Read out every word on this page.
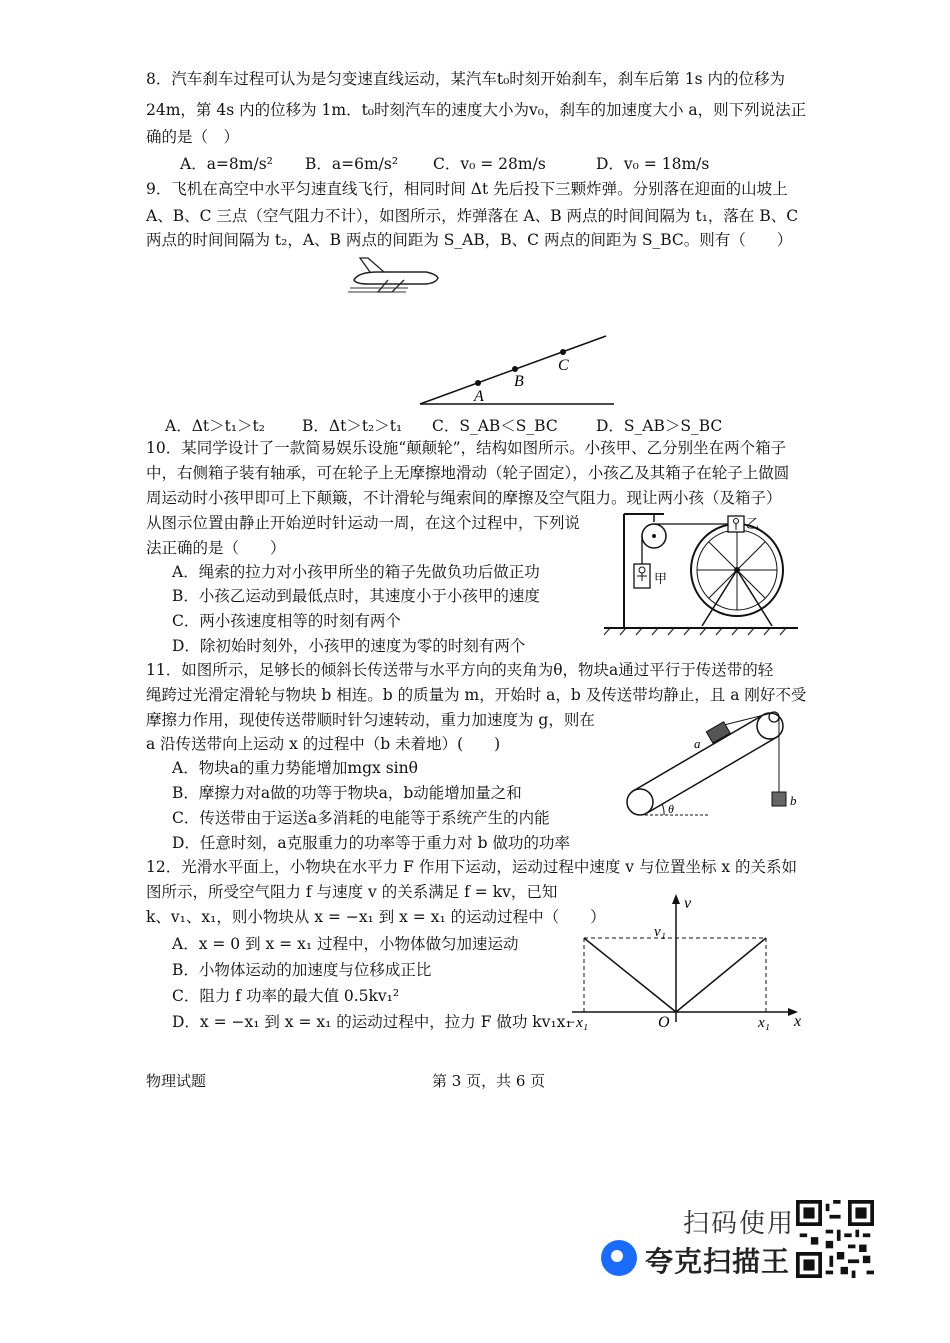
8．汽车刹车过程可认为是匀变速直线运动，某汽车t₀时刻开始刹车，刹车后第 1s 内的位移为
24m，第 4s 内的位移为 1m．t₀时刻汽车的速度大小为v₀，刹车的加速度大小 a，则下列说法正
确的是（　）
A．a=8m/s² B．a=6m/s² C．v₀ = 28m/s	D．v₀ = 18m/s
9．飞机在高空中水平匀速直线飞行，相同时间 Δt 先后投下三颗炸弹。分别落在迎面的山坡上
A、B、C 三点（空气阻力不计），如图所示，炸弹落在 A、B 两点的时间间隔为 t₁，落在 B、C
两点的时间间隔为 t₂，A、B 两点的间距为 S_AB，B、C 两点的间距为 S_BC。则有（　　）
A
B
C
A．Δt＞t₁＞t₂ B．Δt＞t₂＞t₁ C．S_AB＜S_BC D．S_AB＞S_BC
10．某同学设计了一款简易娱乐设施“颠颠轮”，结构如图所示。小孩甲、乙分别坐在两个箱子
中，右侧箱子装有轴承，可在轮子上无摩擦地滑动（轮子固定），小孩乙及其箱子在轮子上做圆
周运动时小孩甲即可上下颠簸，不计滑轮与绳索间的摩擦及空气阻力。现让两小孩（及箱子）
从图示位置由静止开始逆时针运动一周，在这个过程中，下列说
法正确的是（　　）
A．绳索的拉力对小孩甲所坐的箱子先做负功后做正功
B．小孩乙运动到最低点时，其速度小于小孩甲的速度
C．两小孩速度相等的时刻有两个
D．除初始时刻外，小孩甲的速度为零的时刻有两个
甲
乙
11．如图所示，足够长的倾斜长传送带与水平方向的夹角为θ，物块a通过平行于传送带的轻
绳跨过光滑定滑轮与物块 b 相连。b 的质量为 m，开始时 a，b 及传送带均静止，且 a 刚好不受
摩擦力作用，现使传送带顺时针匀速转动，重力加速度为 g，则在
a 沿传送带向上运动 x 的过程中（b 未着地）(　　)
A．物块a的重力势能增加mgx sinθ
B．摩擦力对a做的功等于物块a，b动能增加量之和
C．传送带由于运送a多消耗的电能等于系统产生的内能
D．任意时刻，a克服重力的功率等于重力对 b 做功的功率
a
b
θ
12．光滑水平面上，小物块在水平力 F 作用下运动，运动过程中速度 v 与位置坐标 x 的关系如
图所示，所受空气阻力 f 与速度 v 的关系满足 f = kv，已知
k、v₁、x₁，则小物块从 x = −x₁ 到 x = x₁ 的运动过程中（　　）
A．x = 0 到 x = x₁ 过程中，小物体做匀加速运动
B．小物体运动的加速度与位移成正比
C．阻力 f 功率的最大值 0.5kv₁²
D．x = −x₁ 到 x = x₁ 的运动过程中，拉力 F 做功 kv₁x₁
v
v₁
−x₁	O	x₁ x
物理试题	第 3 页，共 6 页
扫码使用
夸克扫描王
